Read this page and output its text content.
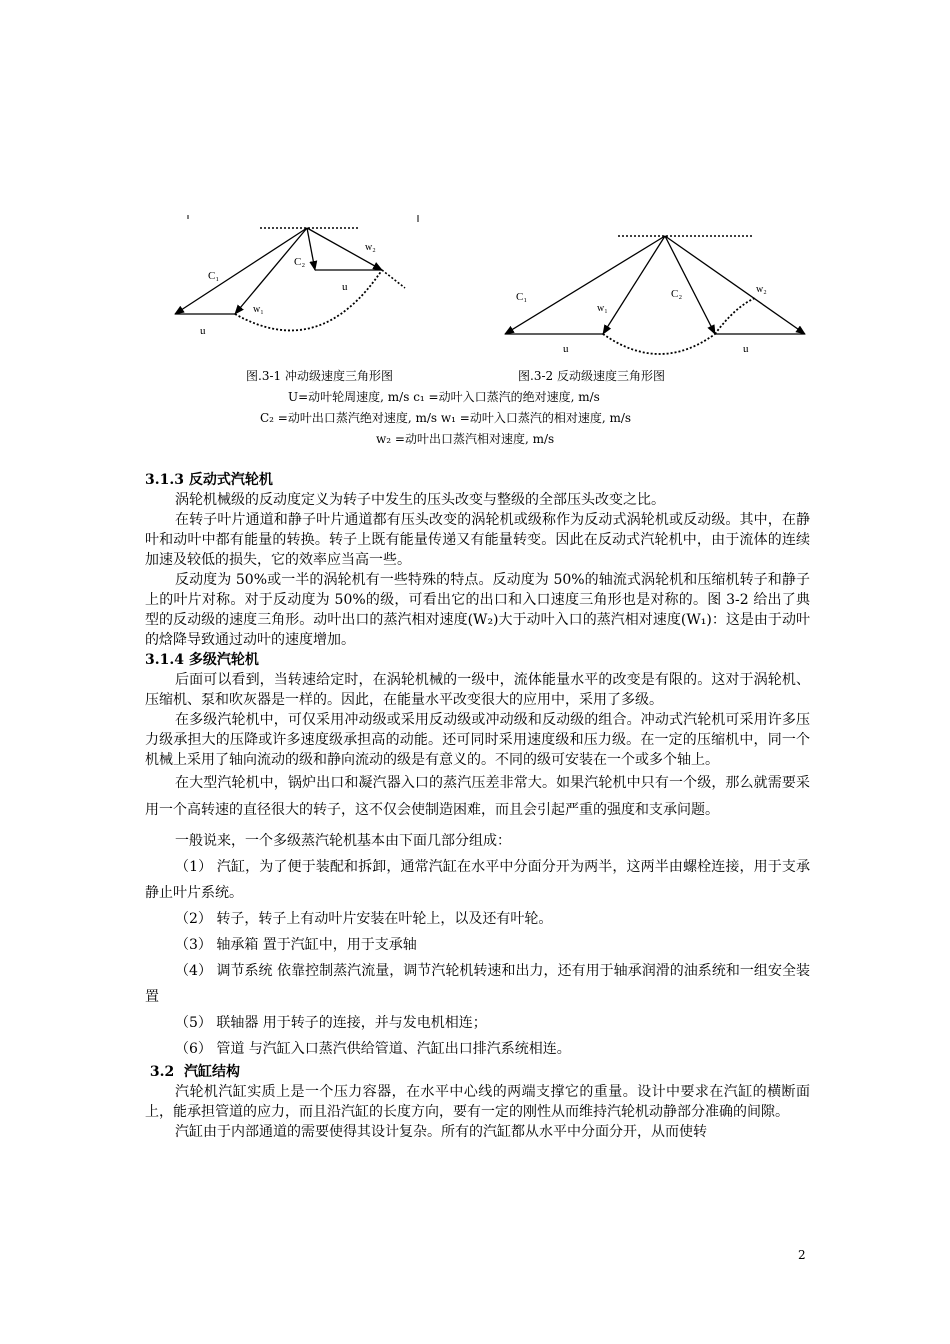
C₁
C₂
w₁
w₂
u
u
C₁	C₂
w₁
w₂
u	u
图.3-1 冲动级速度三角形图	图.3-2 反动级速度三角形图
U=动叶轮周速度, m/s c₁ =动叶入口蒸汽的绝对速度, m/s
C₂ =动叶出口蒸汽绝对速度, m/s w₁ =动叶入口蒸汽的相对速度, m/s
w₂ =动叶出口蒸汽相对速度, m/s
3.1.3 反动式汽轮机

涡轮机械级的反动度定义为转子中发生的压头改变与整级的全部压头改变之比。

在转子叶片通道和静子叶片通道都有压头改变的涡轮机或级称作为反动式涡轮机或反动级。其中，在静叶和动叶中都有能量的转换。转子上既有能量传递又有能量转变。因此在反动式汽轮机中，由于流体的连续加速及较低的损失，它的效率应当高一些。

反动度为 50%或一半的涡轮机有一些特殊的特点。反动度为 50%的轴流式涡轮机和压缩机转子和静子上的叶片对称。对于反动度为 50%的级，可看出它的出口和入口速度三角形也是对称的。图 3-2 给出了典型的反动级的速度三角形。动叶出口的蒸汽相对速度(W₂)大于动叶入口的蒸汽相对速度(W₁)：这是由于动叶的焓降导致通过动叶的速度增加。

3.1.4 多级汽轮机

后面可以看到，当转速给定时，在涡轮机械的一级中，流体能量水平的改变是有限的。这对于涡轮机、压缩机、泵和吹灰器是一样的。因此，在能量水平改变很大的应用中，采用了多级。

在多级汽轮机中，可仅采用冲动级或采用反动级或冲动级和反动级的组合。冲动式汽轮机可采用许多压力级承担大的压降或许多速度级承担高的动能。还可同时采用速度级和压力级。在一定的压缩机中，同一个机械上采用了轴向流动的级和静向流动的级是有意义的。不同的级可安装在一个或多个轴上。

在大型汽轮机中，锅炉出口和凝汽器入口的蒸汽压差非常大。如果汽轮机中只有一个级，那么就需要采用一个高转速的直径很大的转子，这不仅会使制造困难，而且会引起严重的强度和支承问题。

一般说来，一个多级蒸汽轮机基本由下面几部分组成：

（1） 汽缸，为了便于装配和拆卸，通常汽缸在水平中分面分开为两半，这两半由螺栓连接，用于支承静止叶片系统。

（2） 转子，转子上有动叶片安装在叶轮上，以及还有叶轮。

（3） 轴承箱 置于汽缸中，用于支承轴

（4） 调节系统 依靠控制蒸汽流量，调节汽轮机转速和出力，还有用于轴承润滑的油系统和一组安全装置

（5） 联轴器 用于转子的连接，并与发电机相连；

（6） 管道 与汽缸入口蒸汽供给管道、汽缸出口排汽系统相连。

3.2  汽缸结构

汽轮机汽缸实质上是一个压力容器，在水平中心线的两端支撑它的重量。设计中要求在汽缸的横断面上，能承担管道的应力，而且沿汽缸的长度方向，要有一定的刚性从而维持汽轮机动静部分准确的间隙。

汽缸由于内部通道的需要使得其设计复杂。所有的汽缸都从水平中分面分开，从而使转

2
